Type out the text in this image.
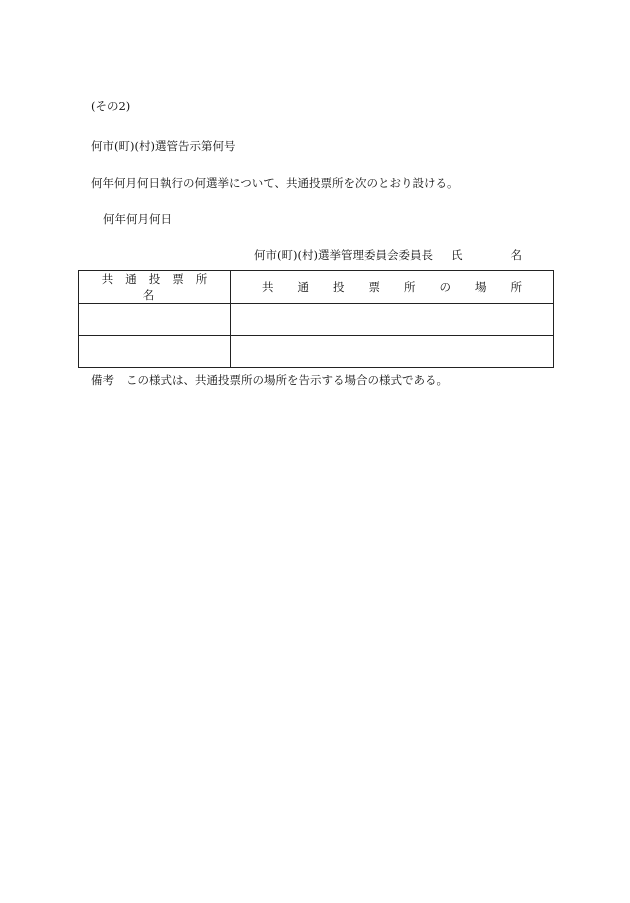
(その2)
何市(町)(村)選管告示第何号
何年何月何日執行の何選挙について、共通投票所を次のとおり設ける。
何年何月何日
何市(町)(村)選挙管理委員会委員長 氏	名
共通投票所名	共通投票所の場所

備考 この様式は、共通投票所の場所を告示する場合の様式である。
